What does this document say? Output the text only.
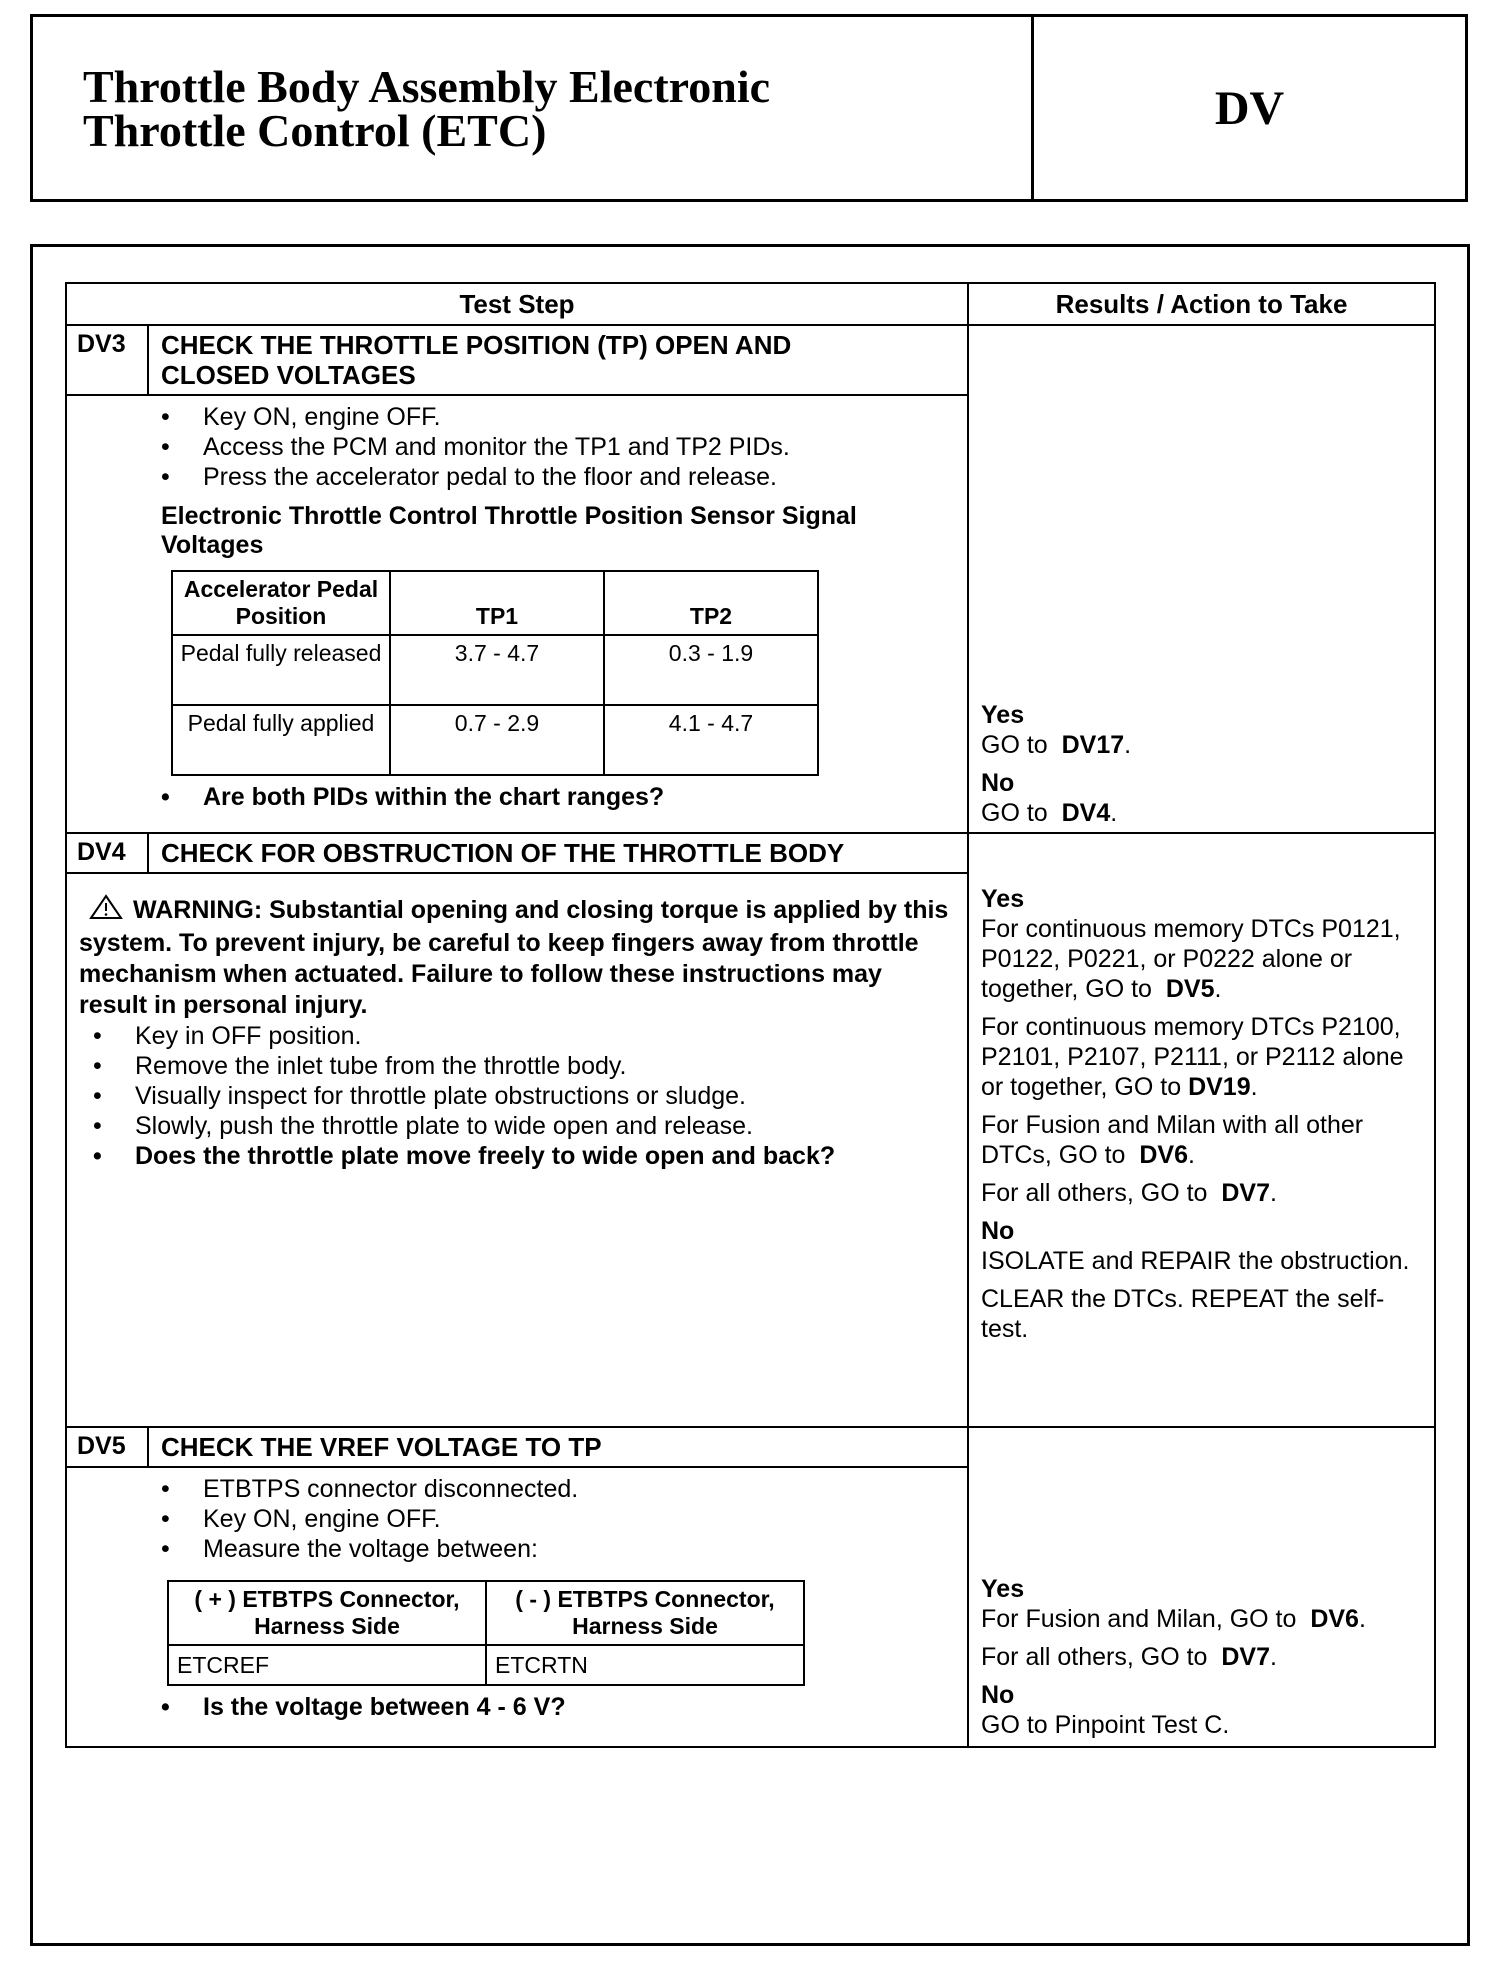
Throttle Body Assembly Electronic
Throttle Control (ETC)	DV
Test Step	Results / Action to Take
DV3	CHECK THE THROTTLE POSITION (TP) OPEN AND CLOSED VOLTAGES
•	Key ON, engine OFF.
•	Access the PCM and monitor the TP1 and TP2 PIDs.
•	Press the accelerator pedal to the floor and release.
Electronic Throttle Control Throttle Position Sensor Signal Voltages
Accelerator Pedal Position	TP1	TP2
Pedal fully released	3.7 - 4.7	0.3 - 1.9
Pedal fully applied	0.7 - 2.9	4.1 - 4.7
•	Are both PIDs within the chart ranges?
Yes
GO to DV17.
No
GO to DV4.
DV4	CHECK FOR OBSTRUCTION OF THE THROTTLE BODY
WARNING: Substantial opening and closing torque is applied by this system. To prevent injury, be careful to keep fingers away from throttle mechanism when actuated. Failure to follow these instructions may result in personal injury.
•	Key in OFF position.
•	Remove the inlet tube from the throttle body.
•	Visually inspect for throttle plate obstructions or sludge.
•	Slowly, push the throttle plate to wide open and release.
•	Does the throttle plate move freely to wide open and back?
Yes
For continuous memory DTCs P0121, P0122, P0221, or P0222 alone or together, GO to DV5.
For continuous memory DTCs P2100, P2101, P2107, P2111, or P2112 alone or together, GO to DV19.
For Fusion and Milan with all other DTCs, GO to DV6.
For all others, GO to DV7.
No
ISOLATE and REPAIR the obstruction.
CLEAR the DTCs. REPEAT the self-test.
DV5	CHECK THE VREF VOLTAGE TO TP
•	ETBTPS connector disconnected.
•	Key ON, engine OFF.
•	Measure the voltage between:
( + ) ETBTPS Connector, Harness Side	( - ) ETBTPS Connector, Harness Side
ETCREF	ETCRTN
•	Is the voltage between 4 - 6 V?
Yes
For Fusion and Milan, GO to DV6.
For all others, GO to DV7.
No
GO to Pinpoint Test C.
